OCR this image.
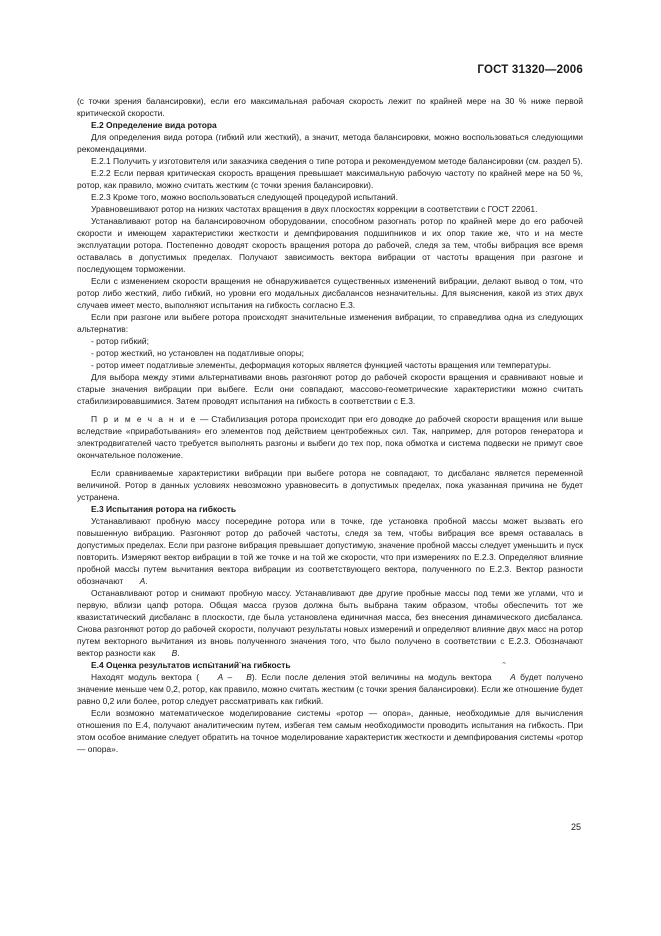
ГОСТ 31320—2006

(с точки зрения балансировки), если его максимальная рабочая скорость лежит по крайней мере на 30 % ниже первой критической скорости.

E.2 Определение вида ротора

Для определения вида ротора (гибкий или жесткий), а значит, метода балансировки, можно воспользоваться следующими рекомендациями.

E.2.1 Получить у изготовителя или заказчика сведения о типе ротора и рекомендуемом методе балансировки (см. раздел 5).

E.2.2 Если первая критическая скорость вращения превышает максимальную рабочую частоту по крайней мере на 50 %, ротор, как правило, можно считать жестким (с точки зрения балансировки).

E.2.3 Кроме того, можно воспользоваться следующей процедурой испытаний.

Уравновешивают ротор на низких частотах вращения в двух плоскостях коррекции в соответствии с ГОСТ 22061.

Устанавливают ротор на балансировочном оборудовании, способном разогнать ротор по крайней мере до его рабочей скорости и имеющем характеристики жесткости и демпфирования подшипников и их опор такие же, что и на месте эксплуатации ротора. Постепенно доводят скорость вращения ротора до рабочей, следя за тем, чтобы вибрация все время оставалась в допустимых пределах. Получают зависимость вектора вибрации от частоты вращения при разгоне и последующем торможении.

Если с изменением скорости вращения не обнаруживается существенных изменений вибрации, делают вывод о том, что ротор либо жесткий, либо гибкий, но уровни его модальных дисбалансов незначительны. Для выяснения, какой из этих двух случаев имеет место, выполняют испытания на гибкость согласно E.3.

Если при разгоне или выбеге ротора происходят значительные изменения вибрации, то справедлива одна из следующих альтернатив:

- ротор гибкий;

- ротор жесткий, но установлен на податливые опоры;

- ротор имеет податливые элементы, деформация которых является функцией частоты вращения или температуры.

Для выбора между этими альтернативами вновь разгоняют ротор до рабочей скорости вращения и сравнивают новые и старые значения вибрации при выбеге. Если они совпадают, массово-геометрические характеристики можно считать стабилизировавшимися. Затем проводят испытания на гибкость в соответствии с E.3.

П р и м е ч а н и е — Стабилизация ротора происходит при его доводке до рабочей скорости вращения или выше вследствие «приработывания» его элементов под действием центробежных сил. Так, например, для роторов генератора и электродвигателей часто требуется выполнять разгоны и выбеги до тех пор, пока обмотка и система подвески не примут свое окончательное положение.

Если сравниваемые характеристики вибрации при выбеге ротора не совпадают, то дисбаланс является переменной величиной. Ротор в данных условиях невозможно уравновесить в допустимых пределах, пока указанная причина не будет устранена.

E.3 Испытания ротора на гибкость

Устанавливают пробную массу посередине ротора или в точке, где установка пробной массы может вызвать его повышенную вибрацию. Разгоняют ротор до рабочей частоты, следя за тем, чтобы вибрация все время оставалась в допустимых пределах. Если при разгоне вибрация превышает допустимую, значение пробной массы следует уменьшить и пуск повторить. Измеряют вектор вибрации в той же точке и на той же скорости, что при измерениях по E.2.3. Определяют влияние пробной массы путем вычитания вектора вибрации из соответствующего вектора, полученного по E.2.3. Вектор разности обозначают › A.

Останавливают ротор и снимают пробную массу. Устанавливают две другие пробные массы под теми же углами, что и первую, вблизи цапф ротора. Общая масса грузов должна быть выбрана таким образом, чтобы обеспечить тот же квазистатический дисбаланс в плоскости, где была установлена единичная масса, без внесения динамического дисбаланса. Снова разгоняют ротор до рабочей скорости, получают результаты новых измерений и определяют влияние двух масс на ротор путем векторного вычитания из вновь полученного значения того, что было получено в соответствии с E.2.3. Обозначают вектор разности как › B.

E.4 Оценка результатов испытаний на гибкость

Находят модуль вектора ( › A –› B). Если после деления этой величины на модуль вектора › A будет получено значение меньше чем 0,2, ротор, как правило, можно считать жестким (с точки зрения балансировки). Если же отношение будет равно 0,2 или более, ротор следует рассматривать как гибкий.

Если возможно математическое моделирование системы «ротор — опора», данные, необходимые для вычисления отношения по E.4, получают аналитическим путем, избегая тем самым необходимости проводить испытания на гибкость. При этом особое внимание следует обратить на точное моделирование характеристик жесткости и демпфирования системы «ротор — опора».

25
